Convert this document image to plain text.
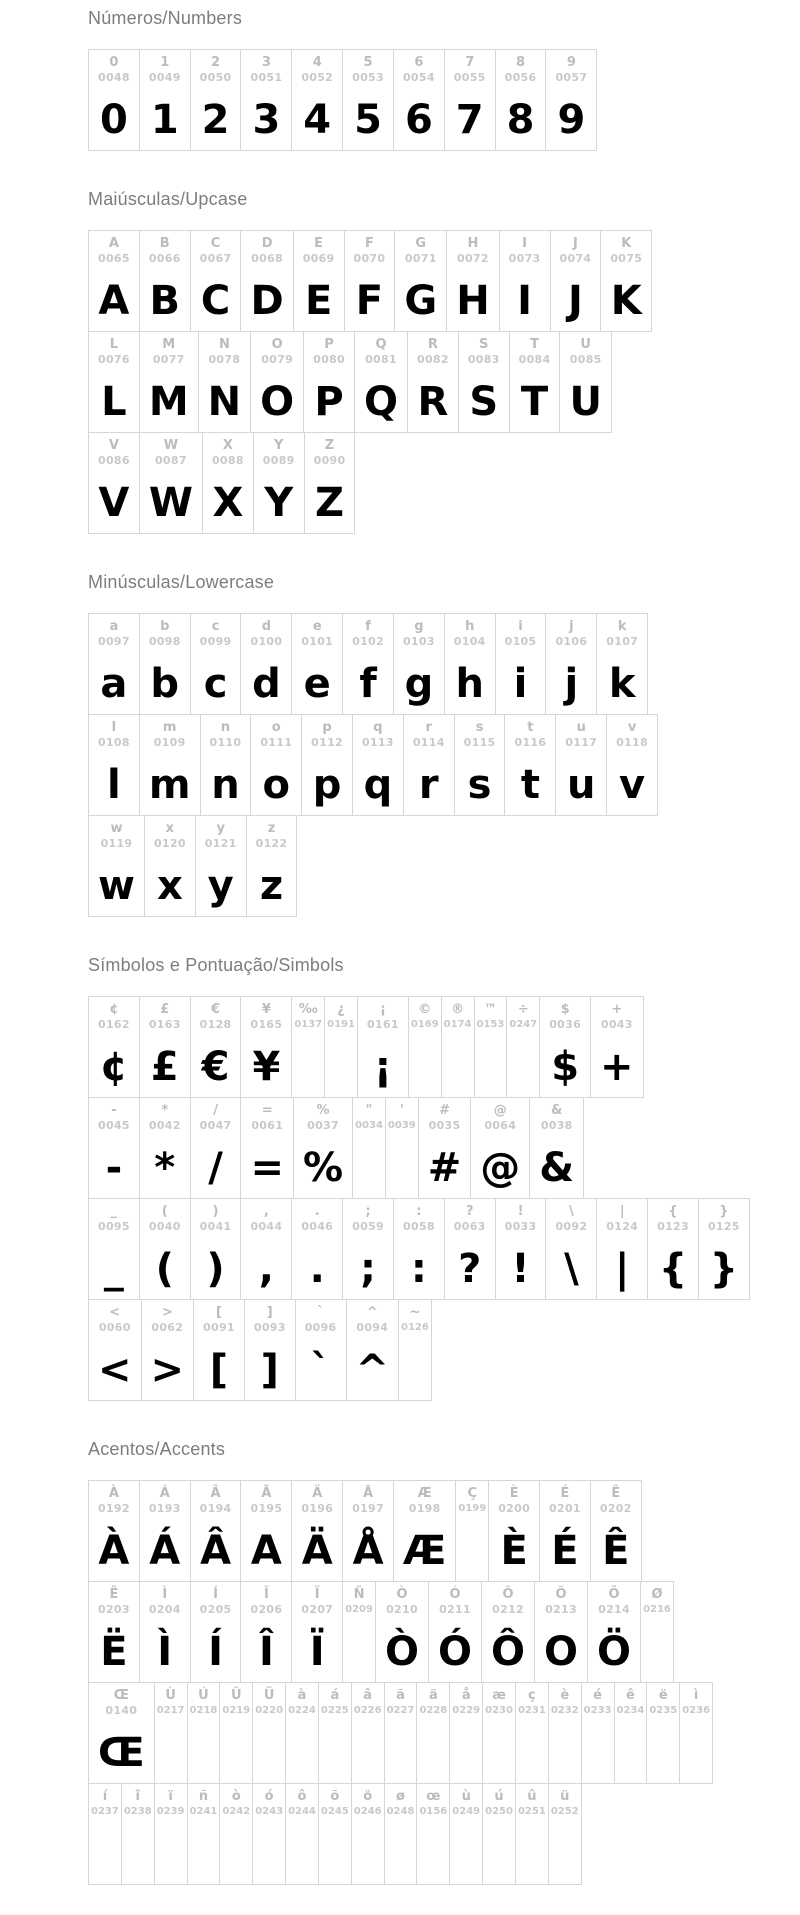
Números/Numbers
0
0048
0
1
0049
1
2
0050
2
3
0051
3
4
0052
4
5
0053
5
6
0054
6
7
0055
7
8
0056
8
9
0057
9
Maiúsculas/Upcase
A
0065
A
B
0066
B
C
0067
C
D
0068
D
E
0069
E
F
0070
F
G
0071
G
H
0072
H
I
0073
I
J
0074
J
K
0075
K
L
0076
L
M
0077
M
N
0078
N
O
0079
O
P
0080
P
Q
0081
Q
R
0082
R
S
0083
S
T
0084
T
U
0085
U
V
0086
V
W
0087
W
X
0088
X
Y
0089
Y
Z
0090
Z
Minúsculas/Lowercase
a
0097
a
b
0098
b
c
0099
c
d
0100
d
e
0101
e
f
0102
f
g
0103
g
h
0104
h
i
0105
i
j
0106
j
k
0107
k
l
0108
l
m
0109
m
n
0110
n
o
0111
o
p
0112
p
q
0113
q
r
0114
r
s
0115
s
t
0116
t
u
0117
u
v
0118
v
w
0119
w
x
0120
x
y
0121
y
z
0122
z
Símbolos e Pontuação/Simbols
¢
0162
¢
£
0163
£
€
0128
€
¥
0165
¥
‰
0137
¿
0191
¡
0161
¡
©
0169
®
0174
™
0153
÷
0247
$
0036
$
+
0043
+
-
0045
-
*
0042
*
/
0047
/
=
0061
=
%
0037
%
"
0034
'
0039
#
0035
#
@
0064
@
&
0038
&
_
0095
_
(
0040
(
)
0041
)
,
0044
,
.
0046
.
;
0059
;
:
0058
:
?
0063
?
!
0033
!
\
0092
\
|
0124
|
{
0123
{
}
0125
}
<
0060
<
>
0062
>
[
0091
[
]
0093
]
`
0096
`
^
0094
^
~
0126
Acentos/Accents
À
0192
À
Á
0193
Á
Â
0194
Â
Ã
0195
A
Ä
0196
Ä
Å
0197
Å
Æ
0198
Æ
Ç
0199
È
0200
È
É
0201
É
Ê
0202
Ê
Ë
0203
Ë
Ì
0204
Ì
Í
0205
Í
Î
0206
Î
Ï
0207
Ï
Ñ
0209
Ò
0210
Ò
Ó
0211
Ó
Ô
0212
Ô
Õ
0213
O
Ö
0214
Ö
Ø
0216
Œ
0140
Œ
Ù
0217
Ú
0218
Û
0219
Ü
0220
à
0224
á
0225
â
0226
ã
0227
ä
0228
å
0229
æ
0230
ç
0231
è
0232
é
0233
ê
0234
ë
0235
ì
0236
í
0237
î
0238
ï
0239
ñ
0241
ò
0242
ó
0243
ô
0244
õ
0245
ö
0246
ø
0248
œ
0156
ù
0249
ú
0250
û
0251
ü
0252
